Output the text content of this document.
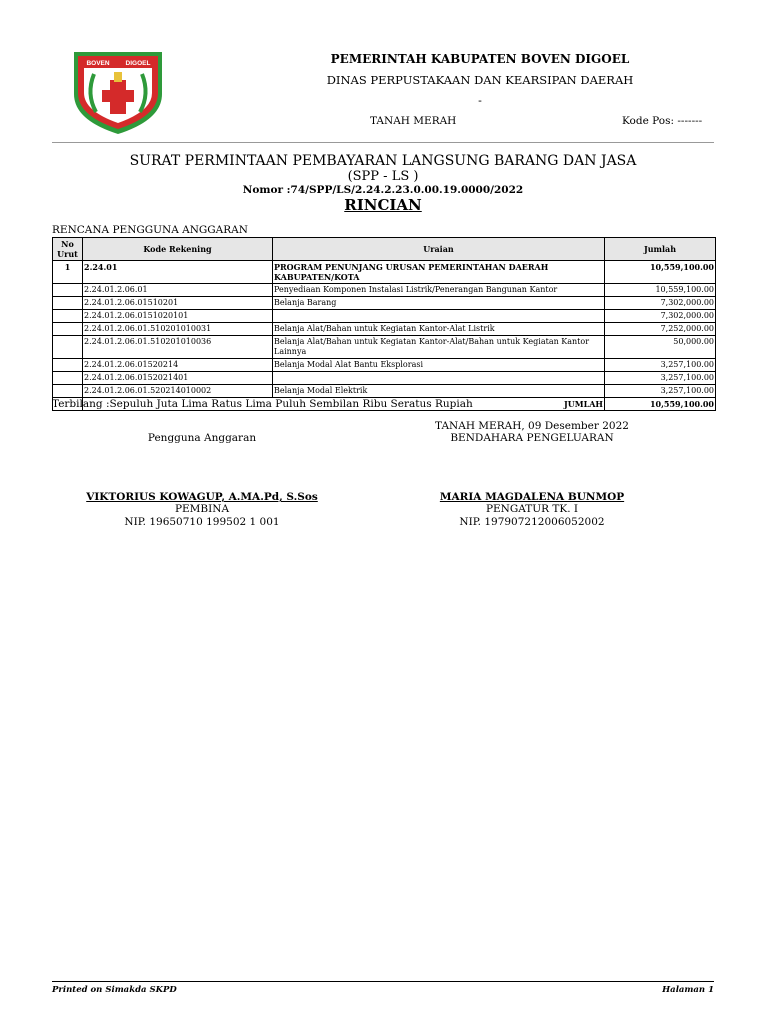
BOVEN DIGOEL	PEMERINTAH KABUPATEN BOVEN DIGOEL
DINAS PERPUSTAKAAN DAN KEARSIPAN DAERAH
-
TANAH MERAH	Kode Pos: -------
SURAT PERMINTAAN PEMBAYARAN LANGSUNG BARANG DAN JASA
(SPP - LS )
Nomor :74/SPP/LS/2.24.2.23.0.00.19.0000/2022
RINCIAN
RENCANA PENGGUNA ANGGARAN
No Urut	Kode Rekening	Uraian	Jumlah
1	2.24.01	PROGRAM PENUNJANG URUSAN PEMERINTAHAN DAERAH KABUPATEN/KOTA	10,559,100.00
	2.24.01.2.06.01	Penyediaan Komponen Instalasi Listrik/Penerangan Bangunan Kantor	10,559,100.00
	2.24.01.2.06.01510201	Belanja Barang	7,302,000.00
	2.24.01.2.06.0151020101		7,302,000.00
	2.24.01.2.06.01.510201010031	Belanja Alat/Bahan untuk Kegiatan Kantor-Alat Listrik	7,252,000.00
	2.24.01.2.06.01.510201010036	Belanja Alat/Bahan untuk Kegiatan Kantor-Alat/Bahan untuk Kegiatan Kantor Lainnya	50,000.00
	2.24.01.2.06.01520214	Belanja Modal Alat Bantu Eksplorasi	3,257,100.00
	2.24.01.2.06.0152021401		3,257,100.00
	2.24.01.2.06.01.520214010002	Belanja Modal Elektrik	3,257,100.00
	JUMLAH		10,559,100.00
Terbilang :Sepuluh Juta Lima Ratus Lima Puluh Sembilan Ribu Seratus Rupiah
TANAH MERAH, 09 Desember 2022
BENDAHARA PENGELUARAN
Pengguna Anggaran
VIKTORIUS KOWAGUP, A.MA.Pd, S.Sos
PEMBINA
NIP. 19650710 199502 1 001
MARIA MAGDALENA BUNMOP
PENGATUR TK. I
NIP. 197907212006052002
Printed on Simakda SKPD	Halaman 1
